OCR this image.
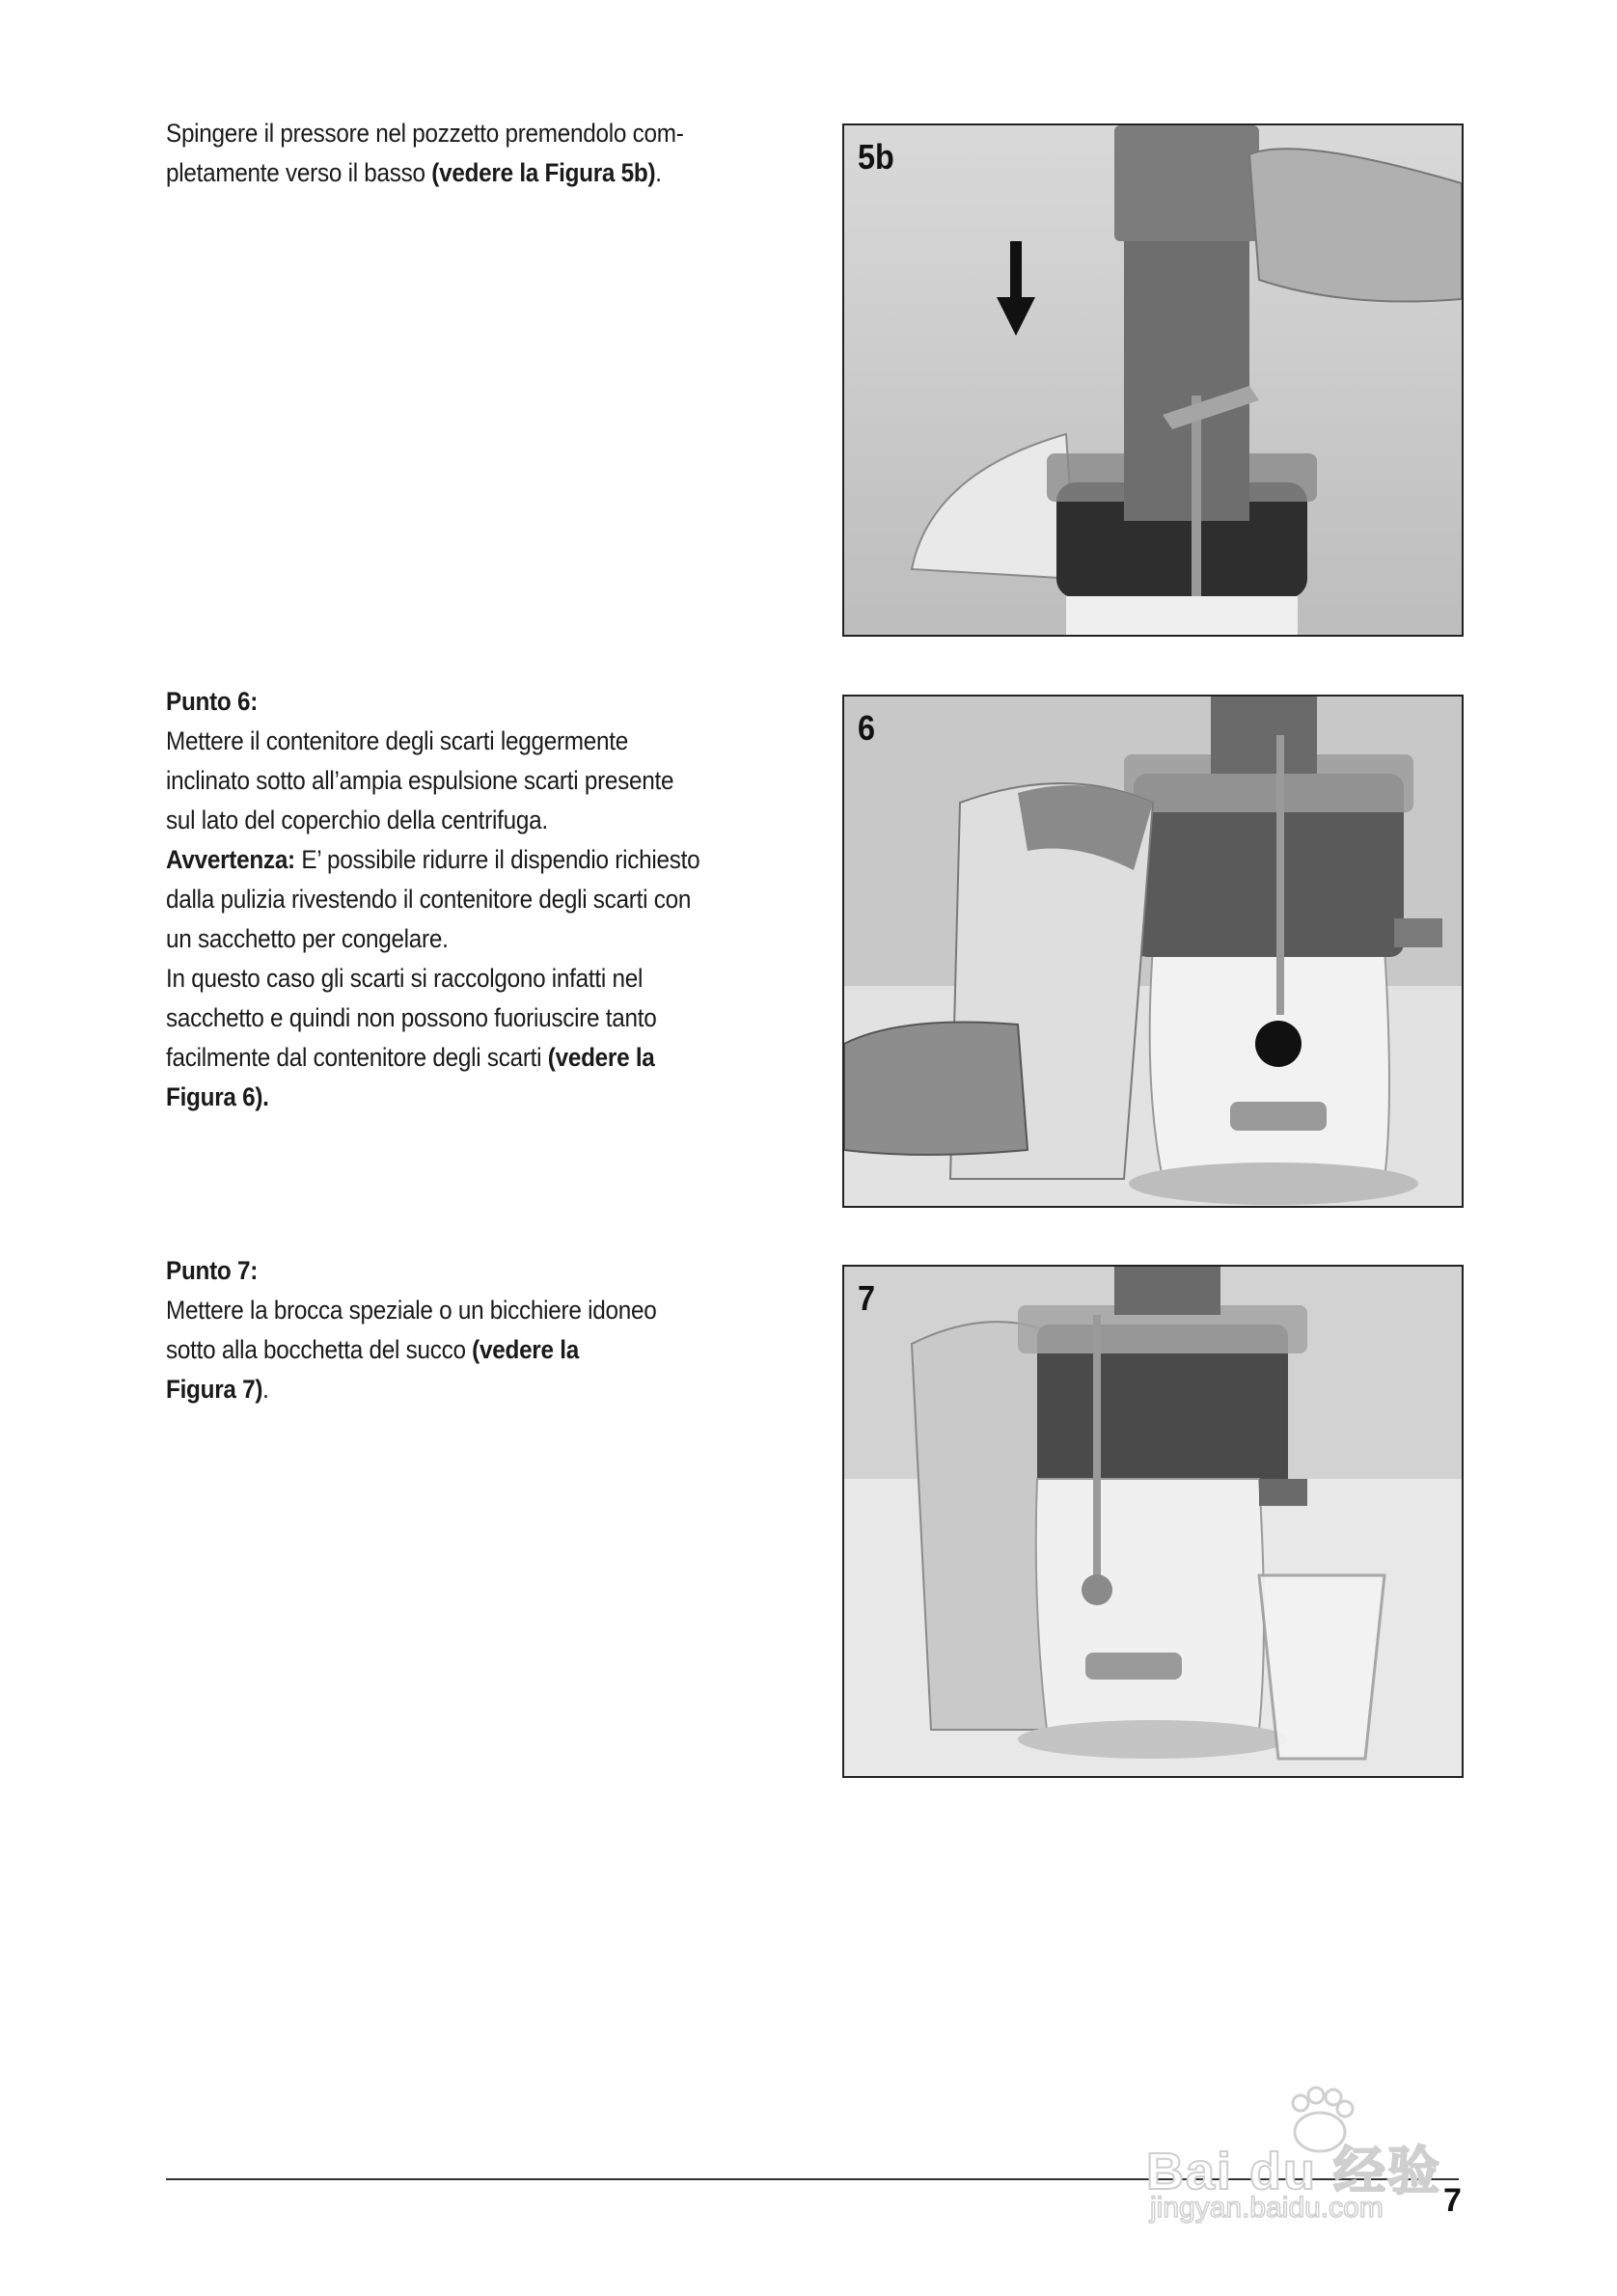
Spingere il pressore nel pozzetto premendolo com-

pletamente verso il basso (vedere la Figura 5b).	5b

Punto 6:

Mettere il contenitore degli scarti leggermente

inclinato sotto all’ampia espulsione scarti presente

sul lato del coperchio della centrifuga.

Avvertenza: E’ possibile ridurre il dispendio richiesto

dalla pulizia rivestendo il contenitore degli scarti con

un sacchetto per congelare.

In questo caso gli scarti si raccolgono infatti nel

sacchetto e quindi non possono fuoriuscire tanto

facilmente dal contenitore degli scarti (vedere la

Figura 6).

6

Punto 7:

Mettere la brocca speziale o un bicchiere idoneo

sotto alla bocchetta del succo (vedere la

Figura 7).

7
7
Bai du 经验
jingyan.baidu.com
